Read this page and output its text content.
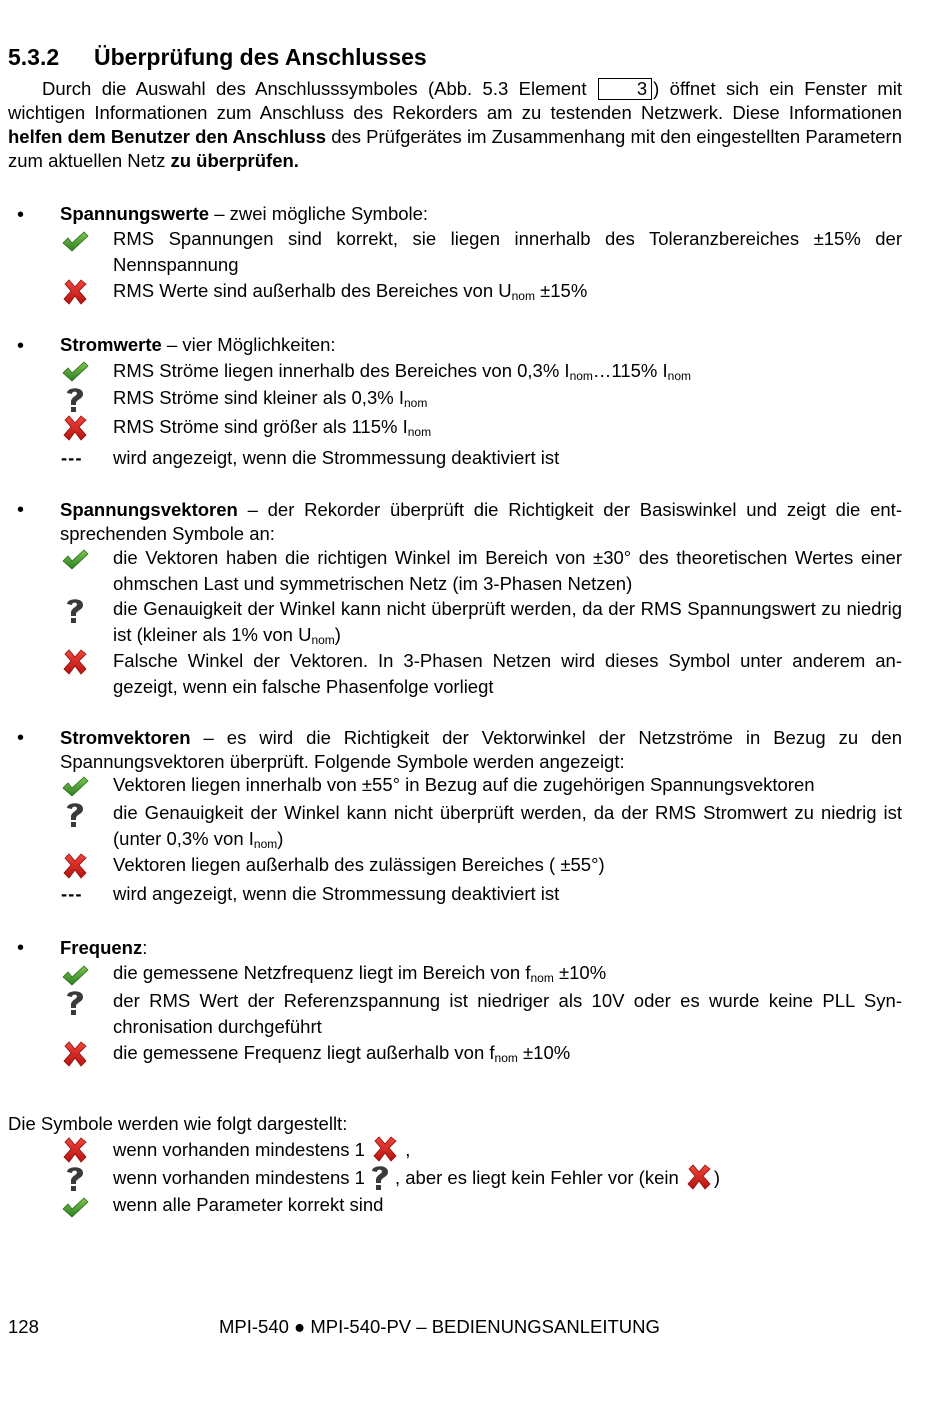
5.3.2 Überprüfung des Anschlusses
Durch die Auswahl des Anschlusssymboles (Abb. 5.3 Element 3 ) öffnet sich ein Fenster mit wichtigen Informationen zum Anschluss des Rekorders am zu testenden Netzwerk. Diese Informationen helfen dem Benutzer den Anschluss des Prüfgerätes im Zusammenhang mit den eingestellten Parametern zum aktuellen Netz zu überprüfen.
• Spannungswerte – zwei mögliche Symbole:
RMS Spannungen sind korrekt, sie liegen innerhalb des Toleranzbereiches ±15% der Nennspannung
RMS Werte sind außerhalb des Bereiches von $U_{nom} \pm 15\%$
• Stromwerte – vier Möglichkeiten:
RMS Ströme liegen innerhalb des Bereiches von 0,3% $I_{nom}\dots 115\%$ $I_{nom}$
RMS Ströme sind kleiner als 0,3% $I_{nom}$
RMS Ströme sind größer als 115% $I_{nom}$
--- wird angezeigt, wenn die Strommessung deaktiviert ist
• Spannungsvektoren – der Rekorder überprüft die Richtigkeit der Basiswinkel und zeigt die entsprechenden Symbole an:
die Vektoren haben die richtigen Winkel im Bereich von ±30° des theoretischen Wertes einer ohmschen Last und symmetrischen Netz (im 3-Phasen Netzen)
die Genauigkeit der Winkel kann nicht überprüft werden, da der RMS Spannungswert zu niedrig ist (kleiner als 1% von $U_{nom}$)
Falsche Winkel der Vektoren. In 3-Phasen Netzen wird dieses Symbol unter anderem angezeigt, wenn ein falsche Phasenfolge vorliegt
• Stromvektoren – es wird die Richtigkeit der Vektorwinkel der Netzströme in Bezug zu den Spannungsvektoren überprüft. Folgende Symbole werden angezeigt:
Vektoren liegen innerhalb von ±55° in Bezug auf die zugehörigen Spannungsvektoren
die Genauigkeit der Winkel kann nicht überprüft werden, da der RMS Stromwert zu niedrig ist (unter 0,3% von $I_{nom}$)
Vektoren liegen außerhalb des zulässigen Bereiches ( ±55°)
--- wird angezeigt, wenn die Strommessung deaktiviert ist
• Frequenz:
die gemessene Netzfrequenz liegt im Bereich von $f_{nom} \pm 10\%$
der RMS Wert der Referenzspannung ist niedriger als 10V oder es wurde keine PLL Synchronisation durchgeführt
die gemessene Frequenz liegt außerhalb von $f_{nom} \pm 10\%$
Die Symbole werden wie folgt dargestellt:
wenn vorhanden mindestens 1  ,
wenn vorhanden mindestens 1 , aber es liegt kein Fehler vor (kein )
wenn alle Parameter korrekt sind
128	MPI-540 ● MPI-540-PV – BEDIENUNGSANLEITUNG
